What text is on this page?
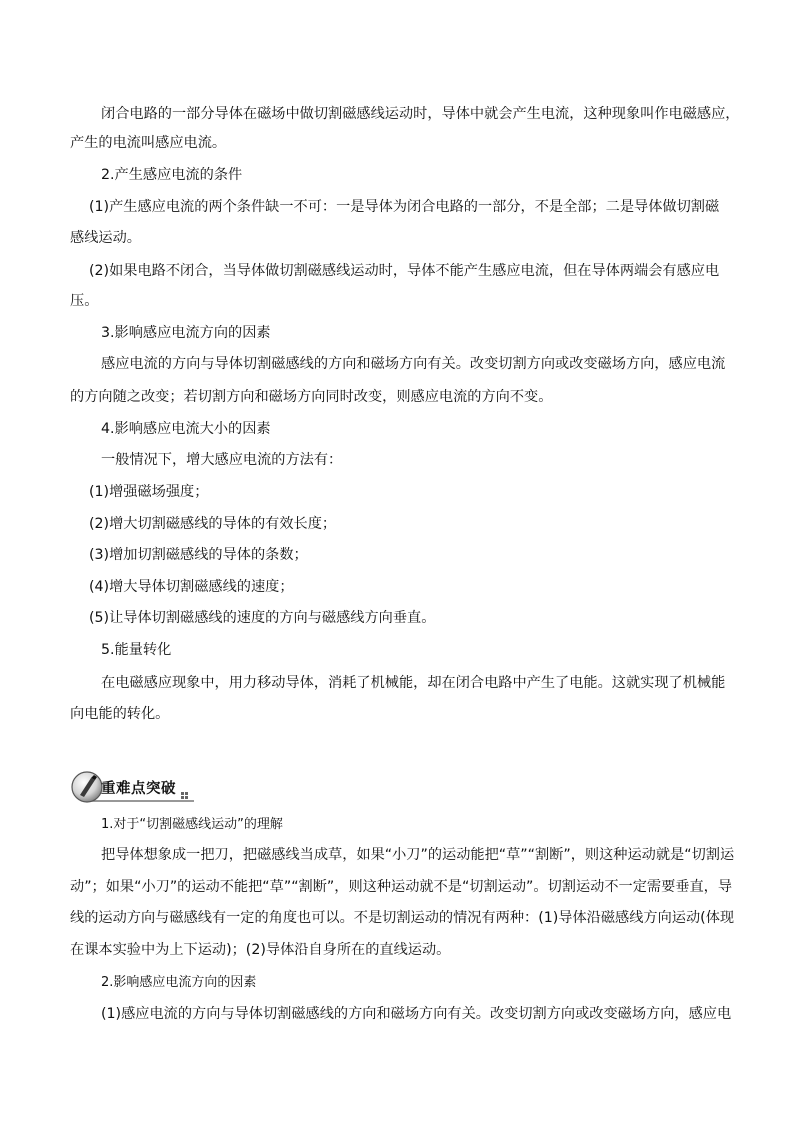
闭合电路的一部分导体在磁场中做切割磁感线运动时，导体中就会产生电流，这种现象叫作电磁感应，
产生的电流叫感应电流。
2.产生感应电流的条件
(1)产生感应电流的两个条件缺一不可：一是导体为闭合电路的一部分，不是全部；二是导体做切割磁
感线运动。
(2)如果电路不闭合，当导体做切割磁感线运动时，导体不能产生感应电流，但在导体两端会有感应电
压。
3.影响感应电流方向的因素
感应电流的方向与导体切割磁感线的方向和磁场方向有关。改变切割方向或改变磁场方向，感应电流
的方向随之改变；若切割方向和磁场方向同时改变，则感应电流的方向不变。
4.影响感应电流大小的因素
一般情况下，增大感应电流的方法有：
(1)增强磁场强度；
(2)增大切割磁感线的导体的有效长度；
(3)增加切割磁感线的导体的条数；
(4)增大导体切割磁感线的速度；
(5)让导体切割磁感线的速度的方向与磁感线方向垂直。
5.能量转化
在电磁感应现象中，用力移动导体，消耗了机械能，却在闭合电路中产生了电能。这就实现了机械能
向电能的转化。
重难点突破
1.对于“切割磁感线运动”的理解
把导体想象成一把刀，把磁感线当成草，如果“小刀”的运动能把“草”“割断”，则这种运动就是“切割运
动”；如果“小刀”的运动不能把“草”“割断”，则这种运动就不是“切割运动”。切割运动不一定需要垂直，导
线的运动方向与磁感线有一定的角度也可以。不是切割运动的情况有两种：(1)导体沿磁感线方向运动(体现
在课本实验中为上下运动)；(2)导体沿自身所在的直线运动。
2.影响感应电流方向的因素
(1)感应电流的方向与导体切割磁感线的方向和磁场方向有关。改变切割方向或改变磁场方向，感应电
